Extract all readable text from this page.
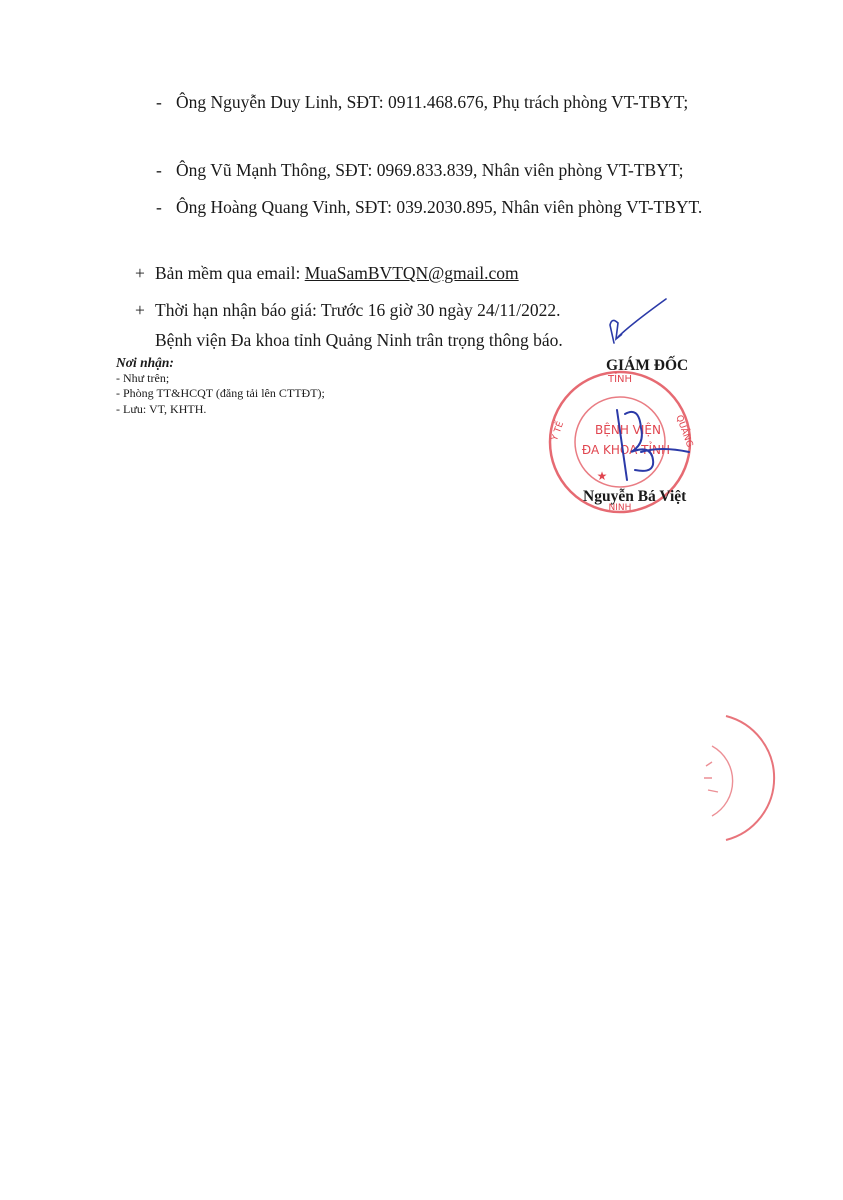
- Ông Nguyễn Duy Linh, SĐT: 0911.468.676, Phụ trách phòng VT-TBYT;
- Ông Vũ Mạnh Thông, SĐT: 0969.833.839, Nhân viên phòng VT-TBYT;
- Ông Hoàng Quang Vinh, SĐT: 039.2030.895, Nhân viên phòng VT-TBYT.
+ Bản mềm qua email: MuaSamBVTQN@gmail.com
+ Thời hạn nhận báo giá: Trước 16 giờ 30 ngày 24/11/2022.
Bệnh viện Đa khoa tỉnh Quảng Ninh trân trọng thông báo.
Nơi nhận:
- Như trên;
- Phòng TT&HCQT (đăng tải lên CTTĐT);
- Lưu: VT, KHTH.
GIÁM ĐỐC
TỈNH
Y TẾ	QUẢNG
NINH
BỆNH VIỆN
ĐA KHOA TỈNH
★
Nguyễn Bá Việt
